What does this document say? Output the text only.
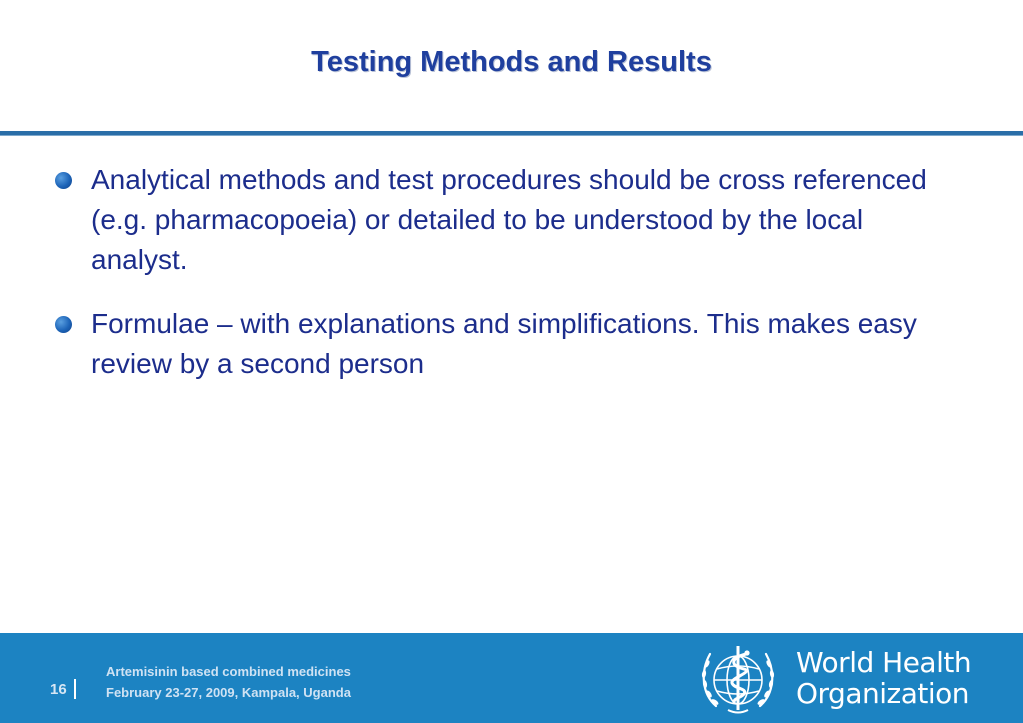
Testing Methods and Results
Analytical methods and test procedures should be cross referenced (e.g. pharmacopoeia) or detailed to be understood by the local analyst.
Formulae – with explanations and simplifications. This makes easy review by a second person
16
Artemisinin based combined medicines
February 23-27, 2009, Kampala, Uganda
World Health
Organization
